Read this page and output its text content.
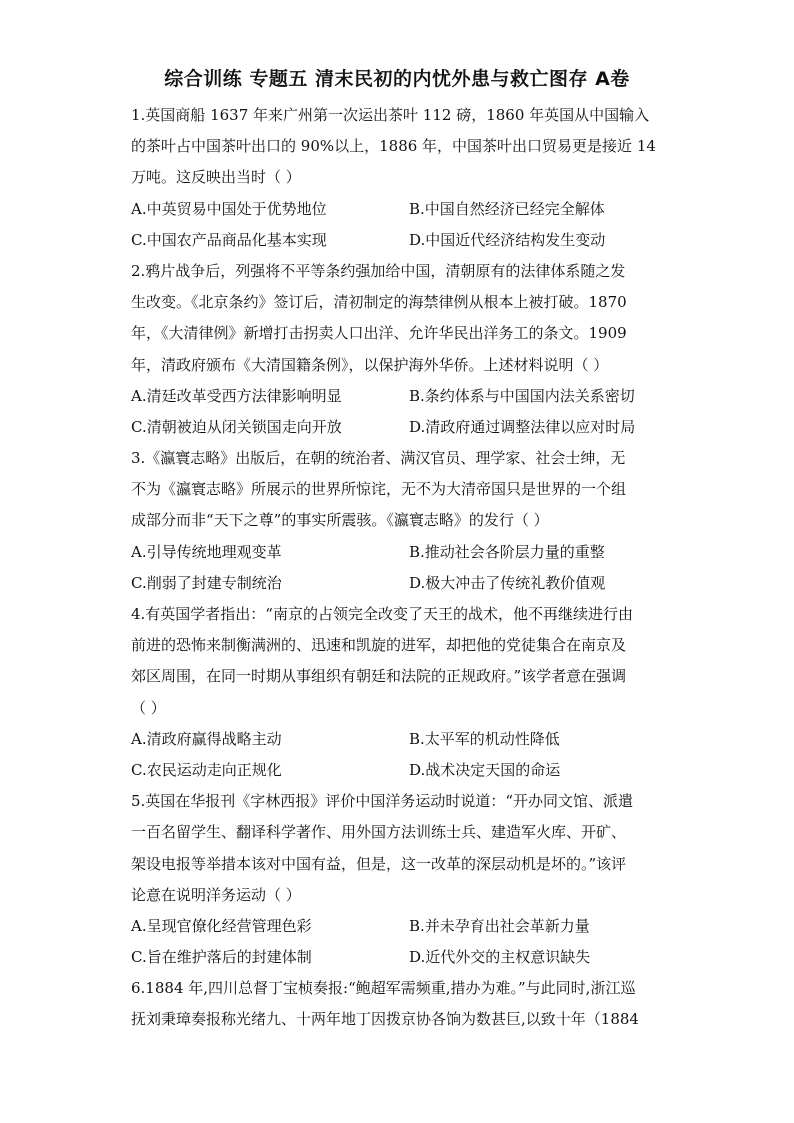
综合训练 专题五 清末民初的内忧外患与救亡图存 A卷
1.英国商船 1637 年来广州第一次运出茶叶 112 磅，1860 年英国从中国输入
的茶叶占中国茶叶出口的 90%以上，1886 年，中国茶叶出口贸易更是接近 14
万吨。这反映出当时（ ）
A.中英贸易中国处于优势地位	B.中国自然经济已经完全解体
C.中国农产品商品化基本实现	D.中国近代经济结构发生变动
2.鸦片战争后，列强将不平等条约强加给中国，清朝原有的法律体系随之发
生改变。《北京条约》签订后，清初制定的海禁律例从根本上被打破。1870
年，《大清律例》新增打击拐卖人口出洋、允许华民出洋务工的条文。1909
年，清政府颁布《大清国籍条例》，以保护海外华侨。上述材料说明（ ）
A.清廷改革受西方法律影响明显	B.条约体系与中国国内法关系密切
C.清朝被迫从闭关锁国走向开放	D.清政府通过调整法律以应对时局
3.《瀛寰志略》出版后，在朝的统治者、满汉官员、理学家、社会士绅，无
不为《瀛寰志略》所展示的世界所惊诧，无不为大清帝国只是世界的一个组
成部分而非“天下之尊”的事实所震骇。《瀛寰志略》的发行（ ）
A.引导传统地理观变革	B.推动社会各阶层力量的重整
C.削弱了封建专制统治	D.极大冲击了传统礼教价值观
4.有英国学者指出：“南京的占领完全改变了天王的战术，他不再继续进行由
前进的恐怖来制衡满洲的、迅速和凯旋的进军，却把他的党徒集合在南京及
郊区周围，在同一时期从事组织有朝廷和法院的正规政府。”该学者意在强调
（ ）
A.清政府赢得战略主动	B.太平军的机动性降低
C.农民运动走向正规化	D.战术决定天国的命运
5.英国在华报刊《字林西报》评价中国洋务运动时说道：“开办同文馆、派遣
一百名留学生、翻译科学著作、用外国方法训练士兵、建造军火库、开矿、
架设电报等举措本该对中国有益，但是，这一改革的深层动机是坏的。”该评
论意在说明洋务运动（ ）
A.呈现官僚化经营管理色彩	B.并未孕育出社会革新力量
C.旨在维护落后的封建体制	D.近代外交的主权意识缺失
6.1884 年,四川总督丁宝桢奏报:“鲍超军需频重,措办为难。”与此同时,浙江巡
抚刘秉璋奏报称光绪九、十两年地丁因拨京协各饷为数甚巨,以致十年（1884
